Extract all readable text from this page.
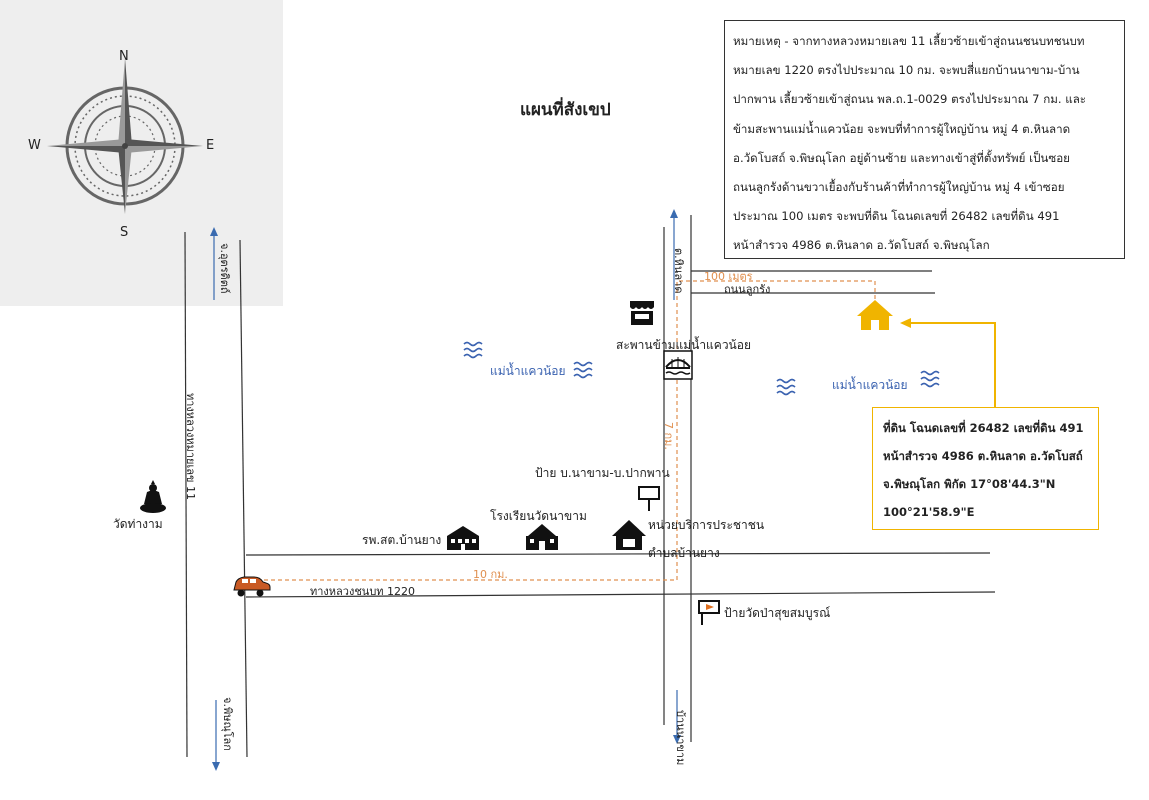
N
S
E
W
แผนที่สังเขป
หมายเหตุ - จากทางหลวงหมายเลข 11 เลี้ยวซ้ายเข้าสู่ถนนชนบทชนบท
หมายเลข 1220 ตรงไปประมาณ 10 กม. จะพบสี่แยกบ้านนาขาม-บ้าน
ปากพาน เลี้ยวซ้ายเข้าสู่ถนน พล.ถ.1-0029 ตรงไปประมาณ 7 กม. และ
ข้ามสะพานแม่น้ำแควน้อย จะพบที่ทำการผู้ใหญ่บ้าน หมู่ 4 ต.หินลาด
อ.วัดโบสถ์ จ.พิษณุโลก อยู่ด้านซ้าย และทางเข้าสู่ที่ตั้งทรัพย์ เป็นซอย
ถนนลูกรังด้านขวาเยื้องกับร้านค้าที่ทำการผู้ใหญ่บ้าน หมู่ 4 เข้าซอย
ประมาณ 100 เมตร จะพบที่ดิน โฉนดเลขที่ 26482 เลขที่ดิน 491
หน้าสำรวจ 4986 ต.หินลาด อ.วัดโบสถ์ จ.พิษณุโลก
ที่ดิน โฉนดเลขที่ 26482 เลขที่ดิน 491
หน้าสำรวจ 4986 ต.หินลาด อ.วัดโบสถ์
จ.พิษณุโลก พิกัด 17°08'44.3"N
100°21'58.9"E
วัดท่างาม
รพ.สต.บ้านยาง
โรงเรียนวัดนาขาม
ป้าย บ.นาขาม-บ.ปากพาน
หน่วยบริการประชาชน
ตำบลบ้านยาง
สะพานข้ามแม่น้ำแควน้อย
แม่น้ำแควน้อย
แม่น้ำแควน้อย
ถนนลูกรัง
100 เมตร
10 กม.
ทางหลวงชนบท 1220
ป้ายวัดป่าสุขสมบูรณ์
7 กม.
ทางหลวงหมายเลข 11
จ.อุตรดิตถ์
จ.พิษณุโลก
ต.หินลาด
บ้านนาขาม
